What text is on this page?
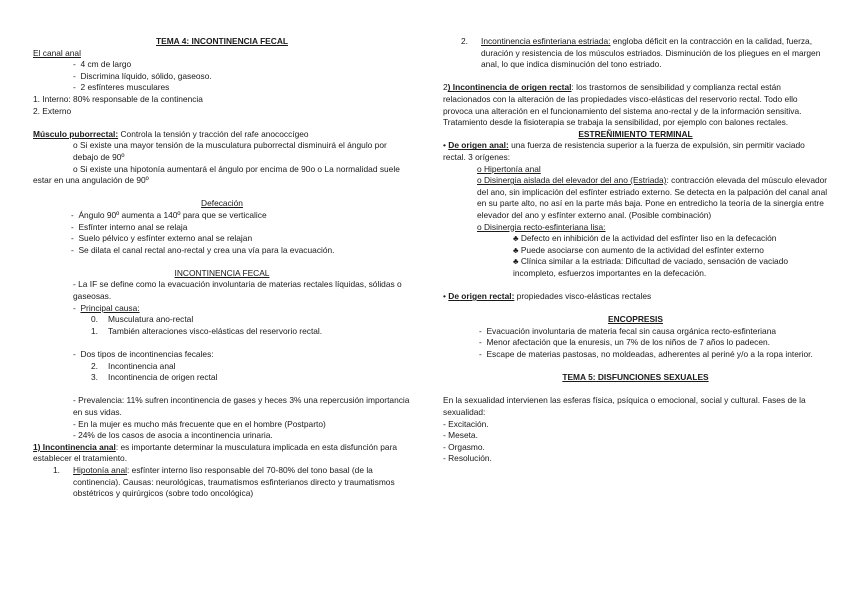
TEMA 4: INCONTINENCIA FECAL
El canal anal
-  4 cm de largo
-  Discrimina líquido, sólido, gaseoso.
-  2 esfínteres musculares
1. Interno: 80% responsable de la continencia
2. Externo
Músculo puborrectal: Controla la tensión y tracción del rafe anococcígeo
o Si existe una mayor tensión de la musculatura puborrectal disminuirá el ángulo por debajo de 90º
o Si existe una hipotonía aumentará el ángulo por encima de 90o o La normalidad suele estar en una angulación de 90º
Defecación
-  Ángulo 90º aumenta a 140º para que se verticalice
-  Esfínter interno anal se relaja
-  Suelo pélvico y esfínter externo anal se relajan
-  Se dilata el canal rectal ano-rectal y crea una vía para la evacuación.
INCONTINENCIA FECAL
- La IF se define como la evacuación involuntaria de materias rectales líquidas, sólidas o gaseosas.
-  Principal causa:
0.	Musculatura ano-rectal
1.	También alteraciones visco-elásticas del reservorio rectal.
-  Dos tipos de incontinencias fecales:
2.	Incontinencia anal
3.	Incontinencia de origen rectal
- Prevalencia: 11% sufren incontinencia de gases y heces 3% una repercusión importancia en sus vidas.
- En la mujer es mucho más frecuente que en el hombre (Postparto)
- 24% de los casos de asocia a incontinencia urinaria.
1) Incontinencia anal: es importante determinar la musculatura implicada en esta disfunción para establecer el tratamiento.
1.	Hipotonía anal: esfínter interno liso responsable del 70-80% del tono basal (de la continencia). Causas: neurológicas, traumatismos esfinterianos directo y traumatismos obstétricos y quirúrgicos (sobre todo oncológica)
2.	Incontinencia esfinteriana estriada: engloba déficit en la contracción en la calidad, fuerza, duración y resistencia de los músculos estriados. Disminución de los pliegues en el margen anal, lo que indica disminución del tono estriado.
2) Incontinencia de origen rectal: los trastornos de sensibilidad y complianza rectal están relacionados con la alteración de las propiedades visco-elásticas del reservorio rectal. Todo ello provoca una alteración en el funcionamiento del sistema ano-rectal y de la información sensitiva. Tratamiento desde la fisioterapia se trabaja la sensibilidad, por ejemplo con balones rectales.
ESTREÑIMIENTO TERMINAL
• De origen anal: una fuerza de resistencia superior a la fuerza de expulsión, sin permitir vaciado rectal. 3 orígenes:
o Hipertonía anal
o Disinergia aislada del elevador del ano (Estriada): contracción elevada del músculo elevador del ano, sin implicación del esfínter estriado externo. Se detecta en la palpación del canal anal en su parte alto, no así en la parte más baja. Pone en entredicho la teoría de la sinergia entre elevador del ano y esfínter externo anal. (Posible combinación)
o Disinergia recto-esfinteriana lisa:
♣ Defecto en inhibición de la actividad del esfínter liso en la defecación
♣ Puede asociarse con aumento de la actividad del esfínter externo
♣ Clínica similar a la estriada: Dificultad de vaciado, sensación de vaciado incompleto, esfuerzos importantes en la defecación.
• De origen rectal: propiedades visco-elásticas rectales
ENCOPRESIS
-  Evacuación involuntaria de materia fecal sin causa orgánica recto-esfinteriana
-  Menor afectación que la enuresis, un 7% de los niños de 7 años lo padecen.
-  Escape de materias pastosas, no moldeadas, adherentes al periné y/o a la ropa interior.
TEMA 5: DISFUNCIONES SEXUALES
En la sexualidad intervienen las esferas física, psíquica o emocional, social y cultural. Fases de la sexualidad:
- Excitación.
- Meseta.
- Orgasmo.
- Resolución.
